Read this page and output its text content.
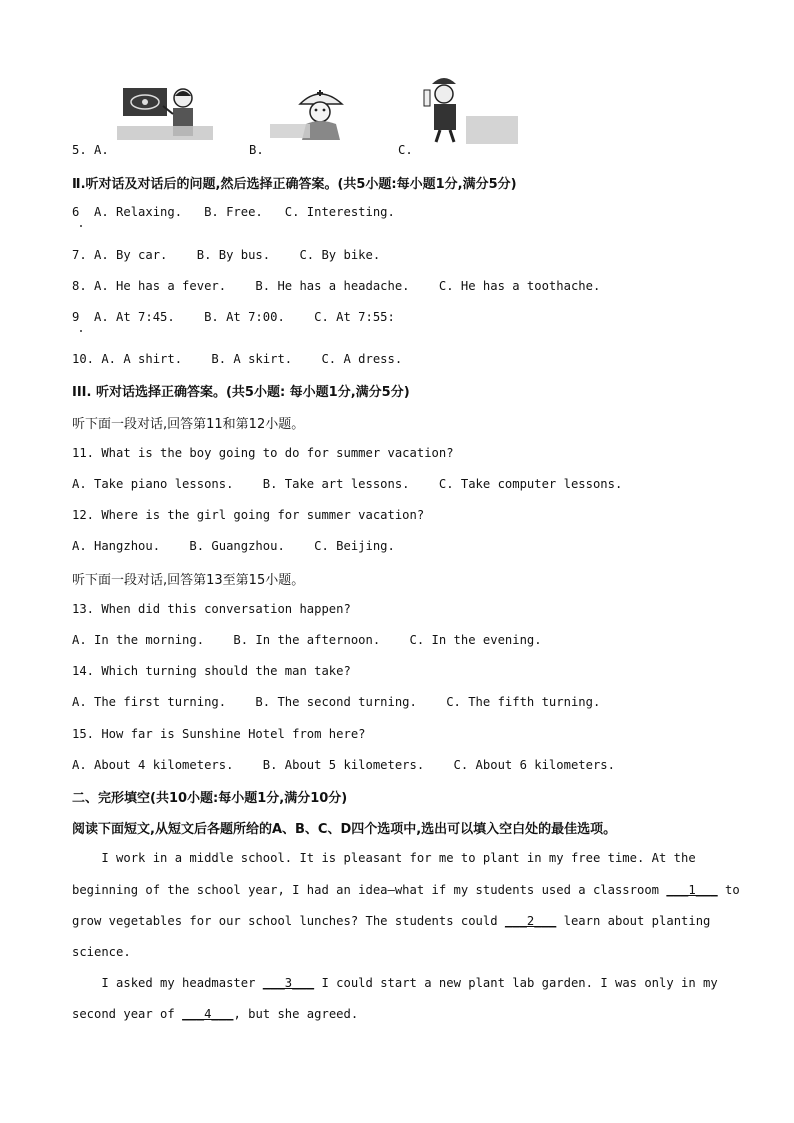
5. A.	B.	C.
Ⅱ.听对话及对话后的问题,然后选择正确答案。(共5小题:每小题1分,满分5分)
6  A. Relaxing.   B. Free.   C. Interesting.
7. A. By car.    B. By bus.    C. By bike.
8. A. He has a fever.    B. He has a headache.    C. He has a toothache.
9  A. At 7:45.    B. At 7:00.    C. At 7:55:
10. A. A shirt.    B. A skirt.    C. A dress.
III. 听对话选择正确答案。(共5小题: 每小题1分,满分5分)
听下面一段对话,回答第11和第12小题。
11. What is the boy going to do for summer vacation?
A. Take piano lessons.    B. Take art lessons.    C. Take computer lessons.
12. Where is the girl going for summer vacation?
A. Hangzhou.    B. Guangzhou.    C. Beijing.
听下面一段对话,回答第13至第15小题。
13. When did this conversation happen?
A. In the morning.    B. In the afternoon.    C. In the evening.
14. Which turning should the man take?
A. The first turning.    B. The second turning.    C. The fifth turning.
15. How far is Sunshine Hotel from here?
A. About 4 kilometers.    B. About 5 kilometers.    C. About 6 kilometers.
二、完形填空(共10小题:每小题1分,满分10分)
阅读下面短文,从短文后各题所给的A、B、C、D四个选项中,选出可以填入空白处的最佳选项。
I work in a middle school. It is pleasant for me to plant in my free time. At the
beginning of the school year, I had an idea—what if my students used a classroom ___1___ to
grow vegetables for our school lunches? The students could ___2___ learn about planting
science.
I asked my headmaster ___3___ I could start a new plant lab garden. I was only in my
second year of ___4___, but she agreed.
